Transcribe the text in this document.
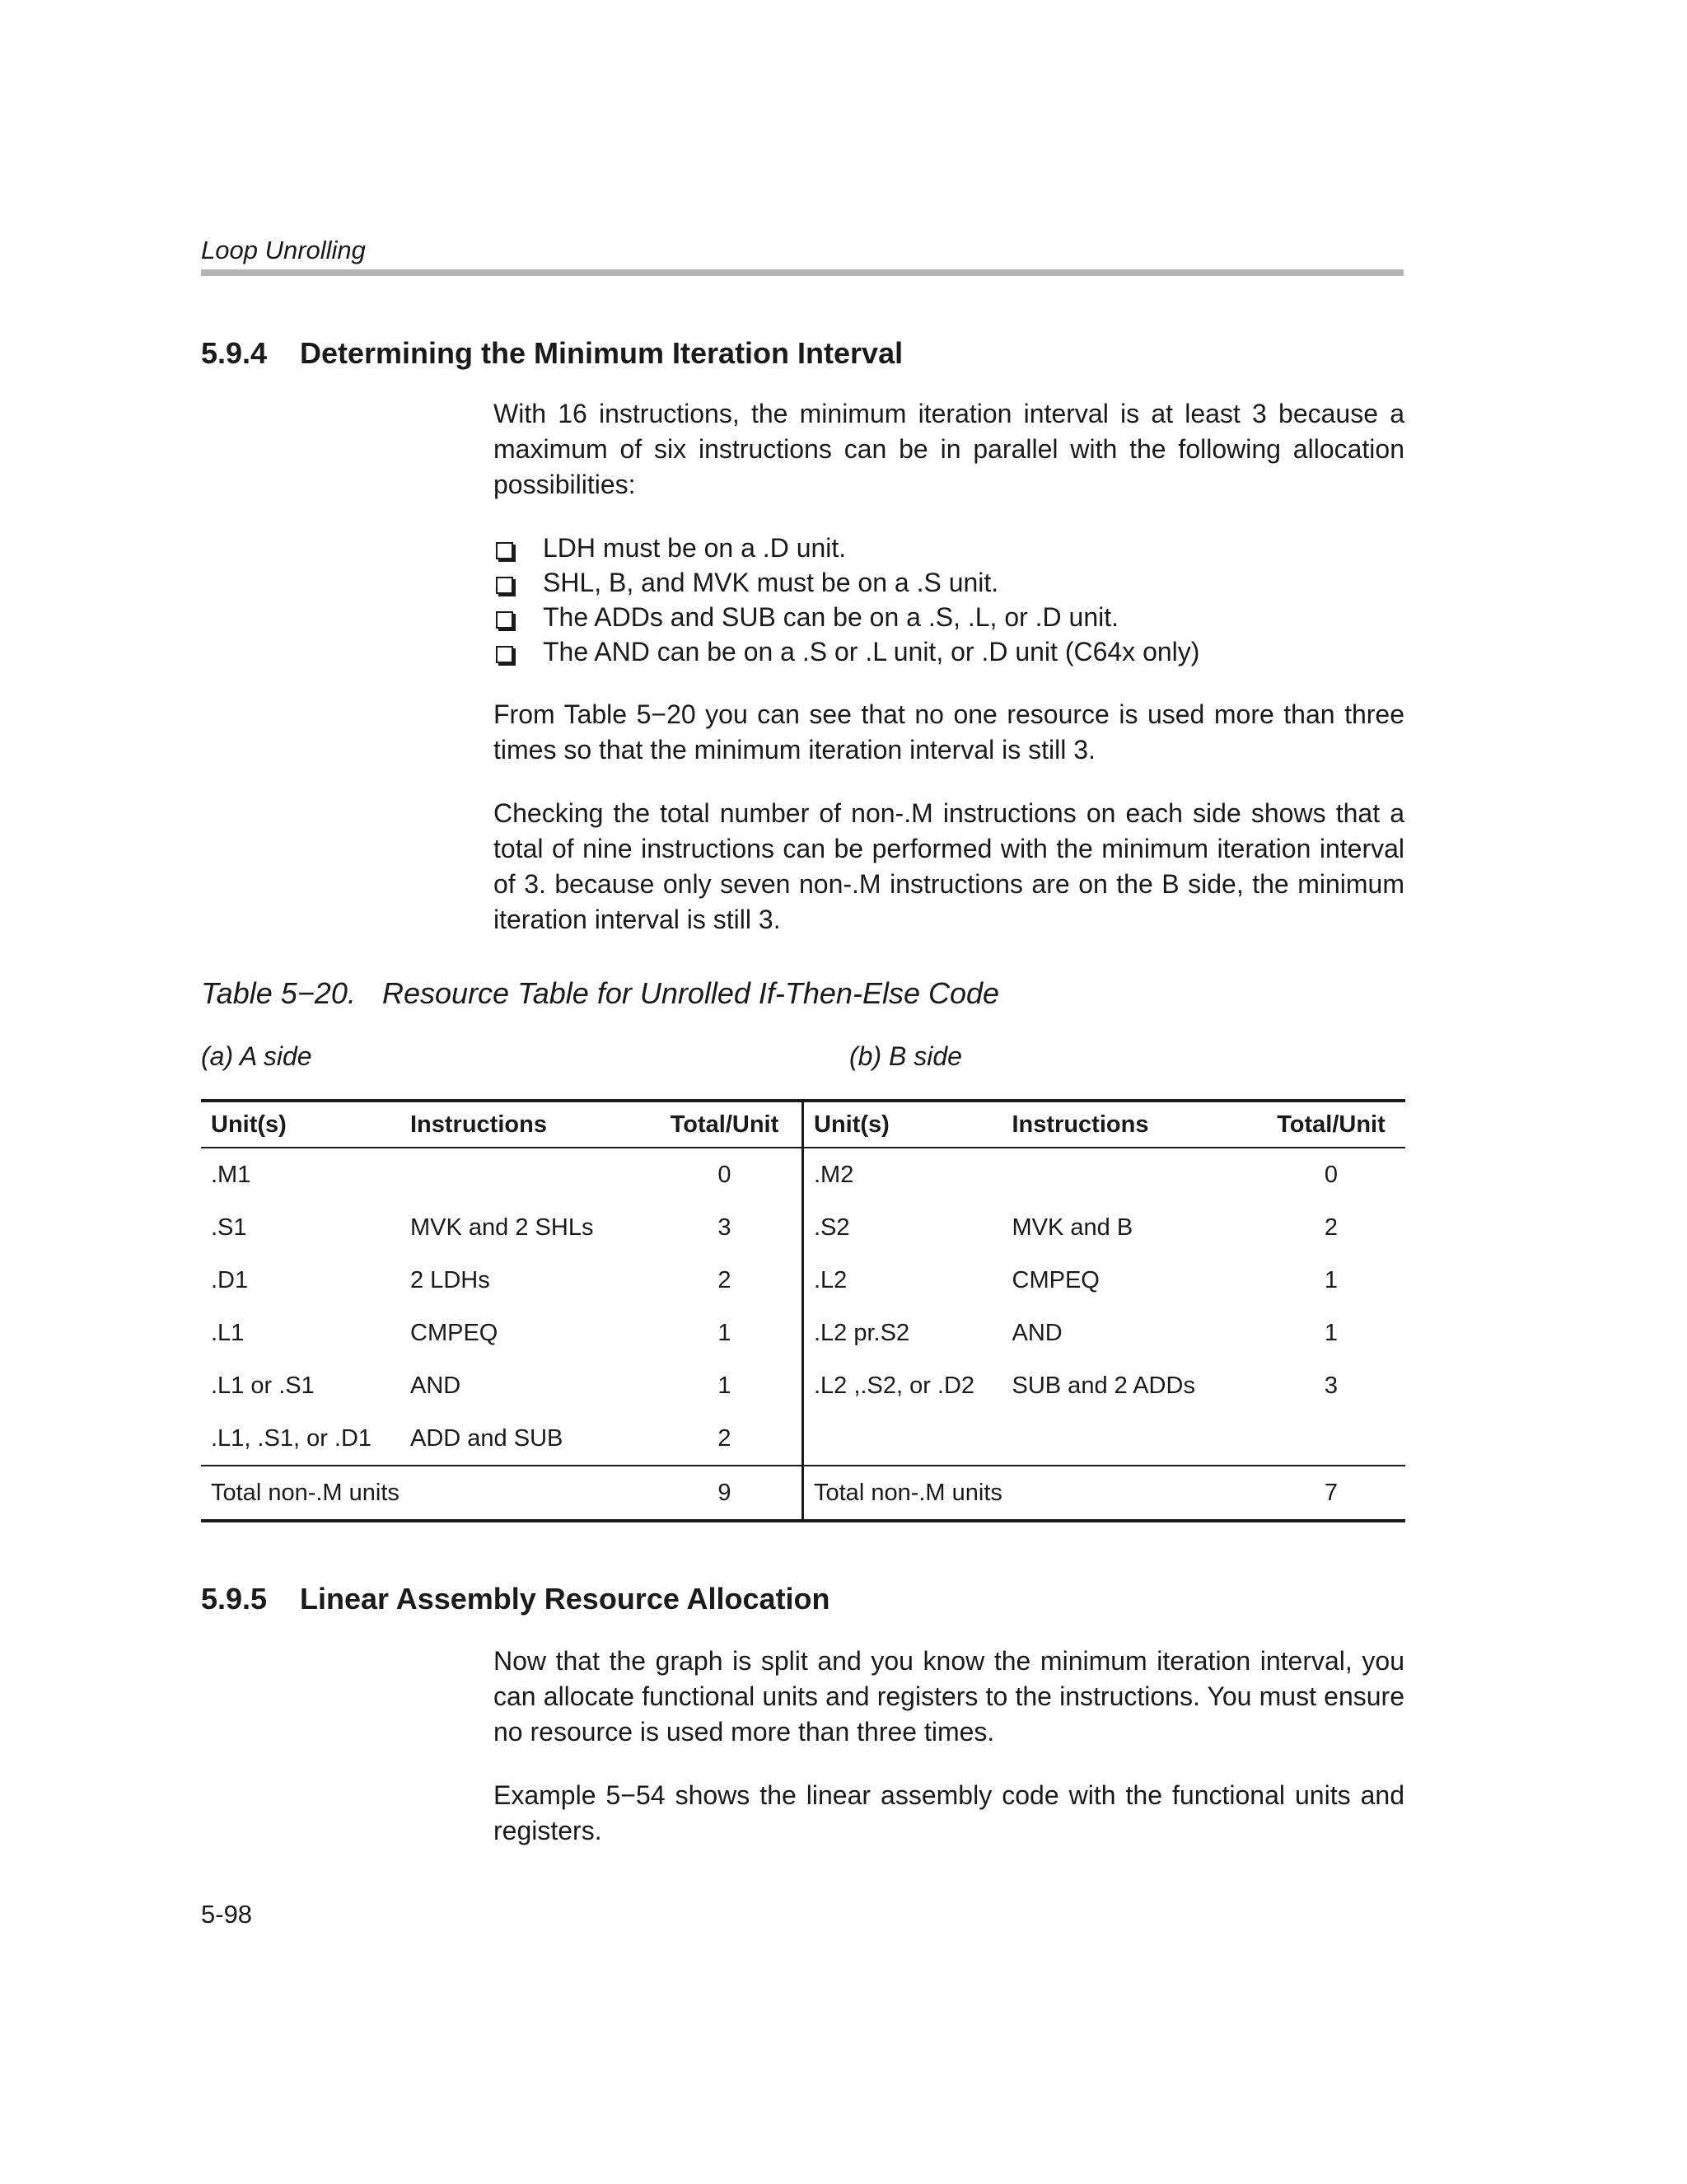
Loop Unrolling
5.9.4 Determining the Minimum Iteration Interval

With 16 instructions, the minimum iteration interval is at least 3 because a maximum of six instructions can be in parallel with the following allocation possibilities:

LDH must be on a .D unit.
SHL, B, and MVK must be on a .S unit.
The ADDs and SUB can be on a .S, .L, or .D unit.
The AND can be on a .S or .L unit, or .D unit (C64x only)

From Table 5−20 you can see that no one resource is used more than three times so that the minimum iteration interval is still 3.

Checking the total number of non-.M instructions on each side shows that a total of nine instructions can be performed with the minimum iteration interval of 3. because only seven non-.M instructions are on the B side, the minimum iteration interval is still 3.

Table 5−20. Resource Table for Unrolled If-Then-Else Code
(a) A side	(b) B side
Unit(s)	Instructions	Total/Unit
.M1		0
.S1	MVK and 2 SHLs	3
.D1	2 LDHs	2
.L1	CMPEQ	1
.L1 or .S1	AND	1
.L1, .S1, or .D1	ADD and SUB	2
Total non-.M units		9
Unit(s)	Instructions	Total/Unit
.M2		0
.S2	MVK and B	2
.L2	CMPEQ	1
.L2 pr.S2	AND	1
.L2 ,.S2, or .D2	SUB and 2 ADDs	3

Total non-.M units		7
5.9.5 Linear Assembly Resource Allocation

Now that the graph is split and you know the minimum iteration interval, you can allocate functional units and registers to the instructions. You must ensure no resource is used more than three times.

Example 5−54 shows the linear assembly code with the functional units and registers.

5-98
